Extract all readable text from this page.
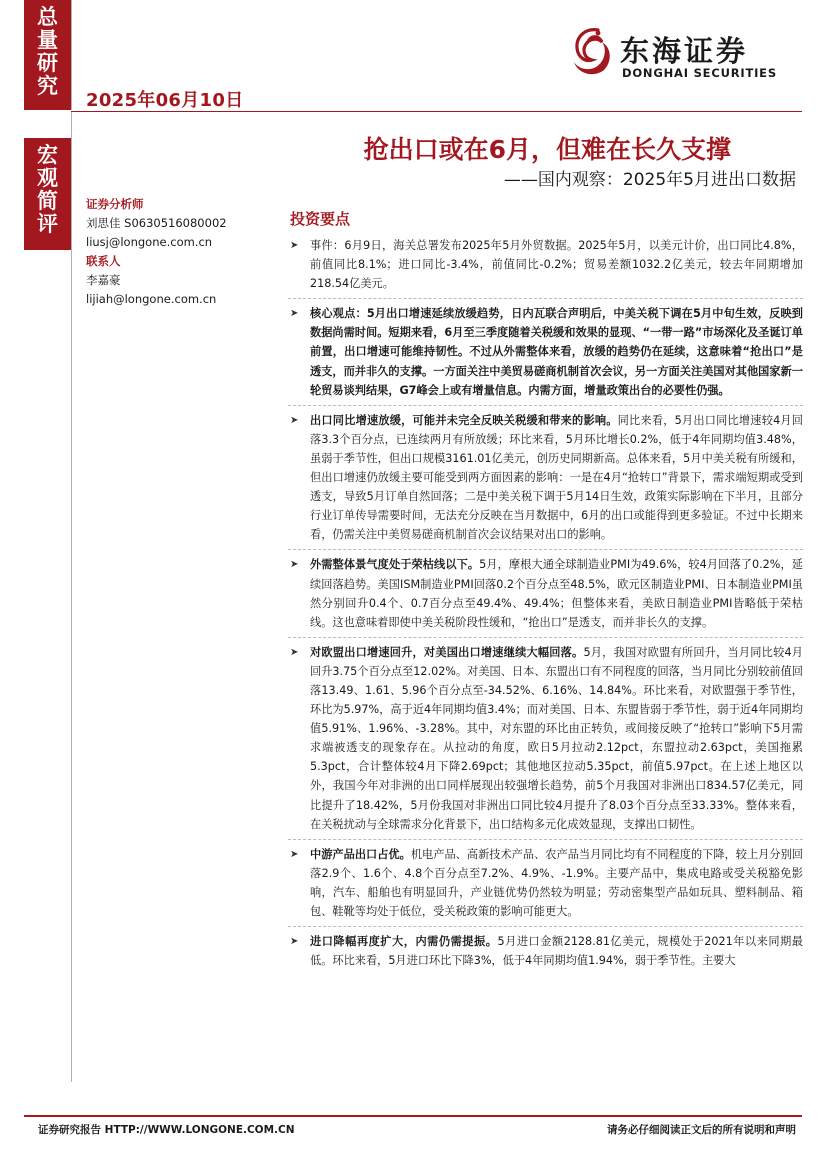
总
量
研
究
宏
观
简
评
2025年06月10日
东海证券
DONGHAI SECURITIES
抢出口或在6月，但难在长久支撑
——国内观察：2025年5月进出口数据
证券分析师
刘思佳 S0630516080002
liusj@longone.com.cn
联系人
李嘉豪
lijiah@longone.com.cn
投资要点
➤ 事件：6月9日，海关总署发布2025年5月外贸数据。2025年5月，以美元计价，出口同比4.8%，前值同比8.1%；进口同比-3.4%，前值同比-0.2%；贸易差额1032.2亿美元，较去年同期增加218.54亿美元。
➤ 核心观点：5月出口增速延续放缓趋势，日内瓦联合声明后，中美关税下调在5月中旬生效，反映到数据尚需时间。短期来看，6月至三季度随着关税缓和效果的显现、“一带一路”市场深化及圣诞订单前置，出口增速可能维持韧性。不过从外需整体来看，放缓的趋势仍在延续，这意味着“抢出口”是透支，而并非久的支撑。一方面关注中美贸易磋商机制首次会议，另一方面关注美国对其他国家新一轮贸易谈判结果，G7峰会上或有增量信息。内需方面，增量政策出台的必要性仍强。
➤ 出口同比增速放缓，可能并未完全反映关税缓和带来的影响。同比来看，5月出口同比增速较4月回落3.3个百分点，已连续两月有所放缓；环比来看，5月环比增长0.2%，低于4年同期均值3.48%，虽弱于季节性，但出口规模3161.01亿美元，创历史同期新高。总体来看，5月中美关税有所缓和，但出口增速仍放缓主要可能受到两方面因素的影响：一是在4月“抢转口”背景下，需求端短期或受到透支，导致5月订单自然回落；二是中美关税下调于5月14日生效，政策实际影响在下半月，且部分行业订单传导需要时间，无法充分反映在当月数据中，6月的出口或能得到更多验证。不过中长期来看，仍需关注中美贸易磋商机制首次会议结果对出口的影响。
➤ 外需整体景气度处于荣枯线以下。5月，摩根大通全球制造业PMI为49.6%，较4月回落了0.2%，延续回落趋势。美国ISM制造业PMI回落0.2个百分点至48.5%，欧元区制造业PMI、日本制造业PMI虽然分别回升0.4个、0.7百分点至49.4%、49.4%；但整体来看，美欧日制造业PMI皆略低于荣枯线。这也意味着即使中美关税阶段性缓和，“抢出口”是透支，而并非长久的支撑。
➤ 对欧盟出口增速回升，对美国出口增速继续大幅回落。5月，我国对欧盟有所回升，当月同比较4月回升3.75个百分点至12.02%。对美国、日本、东盟出口有不同程度的回落，当月同比分别较前值回落13.49、1.61、5.96个百分点至-34.52%、6.16%、14.84%。环比来看，对欧盟强于季节性，环比为5.97%，高于近4年同期均值3.4%；而对美国、日本、东盟皆弱于季节性，弱于近4年同期均值5.91%、1.96%、-3.28%。其中，对东盟的环比由正转负，或间接反映了“抢转口”影响下5月需求端被透支的现象存在。从拉动的角度，欧日5月拉动2.12pct，东盟拉动2.63pct，美国拖累5.3pct，合计整体较4月下降2.69pct；其他地区拉动5.35pct，前值5.97pct。在上述上地区以外，我国今年对非洲的出口同样展现出较强增长趋势，前5个月我国对非洲出口834.57亿美元，同比提升了18.42%，5月份我国对非洲出口同比较4月提升了8.03个百分点至33.33%。整体来看，在关税扰动与全球需求分化背景下，出口结构多元化成效显现，支撑出口韧性。
➤ 中游产品出口占优。机电产品、高新技术产品、农产品当月同比均有不同程度的下降，较上月分别回落2.9个、1.6个、4.8个百分点至7.2%、4.9%、-1.9%。主要产品中，集成电路或受关税豁免影响，汽车、船舶也有明显回升，产业链优势仍然较为明显；劳动密集型产品如玩具、塑料制品、箱包、鞋靴等均处于低位，受关税政策的影响可能更大。
➤ 进口降幅再度扩大，内需仍需提振。5月进口金额2128.81亿美元，规模处于2021年以来同期最低。环比来看，5月进口环比下降3%，低于4年同期均值1.94%，弱于季节性。主要大
证券研究报告 HTTP://WWW.LONGONE.COM.CN	请务必仔细阅读正文后的所有说明和声明
